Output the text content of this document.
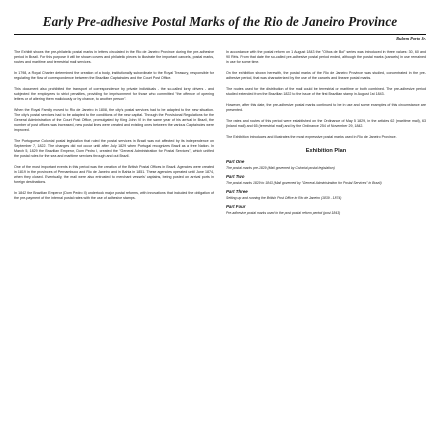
Early Pre-adhesive Postal Marks of the Rio de Janeiro Province
Rubem Porto Jr.

The Exhibit shows the pre-philatelic postal marks in letters circulated in the Rio de Janeiro Province during the pre-adhesive period in Brazil. For this purpose it will be shown covers and philatelic pieces to illustrate the important cancels, postal marks, routes and maritime and terrestrial mail services.

In 1798, a Royal Charter determined the creation of a body, institutionally subordinate to the Royal Treasury, responsible for regulating the flow of correspondence between the Brazilian Captaincies and the Court Post Office.

This document also prohibited the transport of correspondence by private individuals - the so-called lorry drivers - and subjected the employees to strict penalties, providing for imprisonment for those who committed "the offence of opening letters or of altering them maliciously or by chance, to another person".

When the Royal Family moved to Rio de Janeiro in 1808, the city's postal services had to be adapted to the new situation. The city's postal services had to be adapted to the conditions of the new capital. Through the Provisional Regulations for the General Administration of the Court Post Office, promulgated by King John VI in the same year of his arrival in Brazil, the number of post offices was increased, new postal lines were created and existing ones between the various Captaincies were improved.

The Portuguese Colonial postal legislation that ruled the postal services in Brazil was not affected by its independence on September 7, 1822. The changes did not occur until after July 1829 when Portugal recognizes Brazil as a free Nation. In March 5, 1829 the Brazilian Emperor, Dom Pedro I, created the "General Administration for Postal Services", which unified the postal rules for the sea and maritime services through and out Brazil.

One of the most important events in this period was the creation of the British Postal Offices in Brazil. Agencies were created in 1819 in the provinces of Pernambuco and Rio de Janeiro and in Bahia in 1851. These agencies operated until June 1874, when they closed. Eventually, the mail were also entrusted to merchant vessels' captains, being posted on arrival ports in foreign destinations.

In 1842 the Brazilian Emperor (Dom Pedro II) undertook major postal reforms, with innovations that included the obligation of the pre-payment of the internal postal rates with the use of adhesive stamps.

In accordance with the postal reform on 1 August 1843 the "Olhos de Boi" series was introduced in three values: 30, 60 and 90 Réis. From that date the so-called pre-adhesive postal period ended, although the postal marks (cancels) in use remained in use for some time.

On the exhibition shown herewith, the postal marks of the Rio de Janeiro Province was studied, concentrated in the pre-adhesive period, that was characterized by the use of the cancels and lineare postal marks.

The routes used for the distribution of the mail could be terrestrial or maritime or both combined. The pre-adhesive period studied extended from the Brazilian 1822 to the issue of the first Brazilian stamp in August 1st 1843.

However, after this date, the pre-adhesive postal marks continued to be in use and some examples of this circumstance are presented.

The rates and routes of this period were established on the Ordinance of May 5 1829, in the articles 62 (maritime mail), 63 (inland mail) and 65 (terrestrial mail) and by the Ordinance 254 of November 29, 1842.

The Exhibition introduces and illustrates the most expressive postal marks used in Rio de Janeiro Province.

Exhibition Plan
Part One

The postal marks pre-1829 (Mail governed by Colonial postal legislation)

Part Two

The postal marks 1829 to 1843 (Mail governed by "General Administration for Postal Services" in Brazil)

Part Three

Setting up and running the British Post Office in Rio de Janeiro (1839 - 1874)

Part Four

Pre-adhesive postal marks used in the post postal reform period (post 1843)
